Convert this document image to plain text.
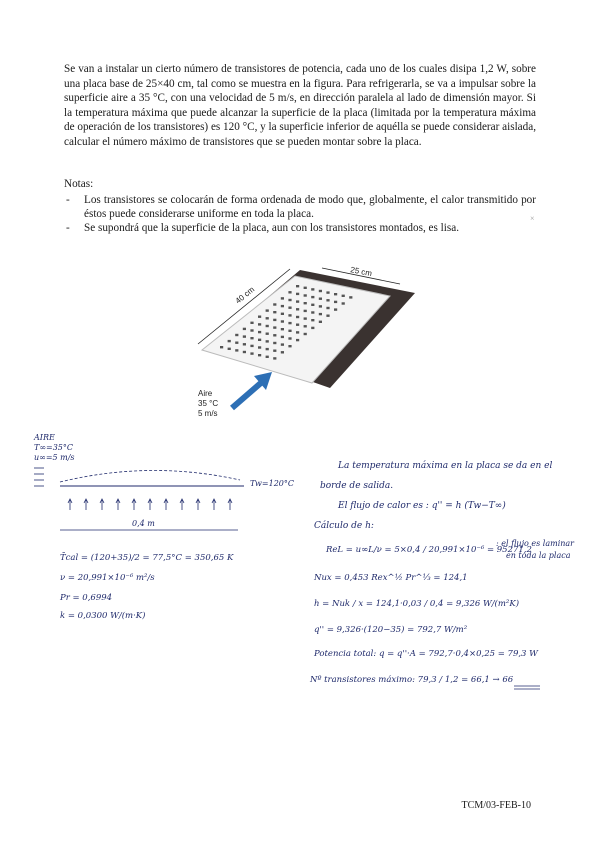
Se van a instalar un cierto número de transistores de potencia, cada uno de los cuales disipa 1,2 W, sobre una placa base de 25×40 cm, tal como se muestra en la figura. Para refrigerarla, se va a impulsar sobre la superficie aire a 35 °C, con una velocidad de 5 m/s, en dirección paralela al lado de dimensión mayor. Si la temperatura máxima que puede alcanzar la superficie de la placa (limitada por la temperatura máxima de operación de los transistores) es 120 °C, y la superficie inferior de aquélla se puede considerar aislada, calcular el número máximo de transistores que se pueden montar sobre la placa.

Notas:

- Los transistores se colocarán de forma ordenada de modo que, globalmente, el calor transmitido por éstos puede considerarse uniforme en toda la placa.
- Se supondrá que la superficie de la placa, aun con los transistores montados, es lisa.
40 cm
25 cm
Aire
35 °C
5 m/s
AIRE
T∞=35°C
u∞=5 m/s
Tw=120°C
0,4 m
T̄cal = (120+35)/2 = 77,5°C = 350,65 K
ν = 20,991×10⁻⁶ m²/s
Pr = 0,6994
k = 0,0300 W/(m·K)
La temperatura máxima en la placa se da en el
borde de salida.
El flujo de calor es : q'' = h (Tw−T∞)
Cálculo de h:
ReL = u∞L/ν = 5×0,4 / 20,991×10⁻⁶ = 95271,2
: el flujo es laminar
en toda la placa
Nux = 0,453 Rex^½ Pr^⅓ = 124,1
h = Nuk / x = 124,1·0,03 / 0,4 = 9,326 W/(m²K)
q'' = 9,326·(120−35) = 792,7 W/m²
Potencia total: q = q''·A = 792,7·0,4×0,25 = 79,3 W
Nº transistores máximo: 79,3 / 1,2 = 66,1 → 66
×
TCM/03-FEB-10
